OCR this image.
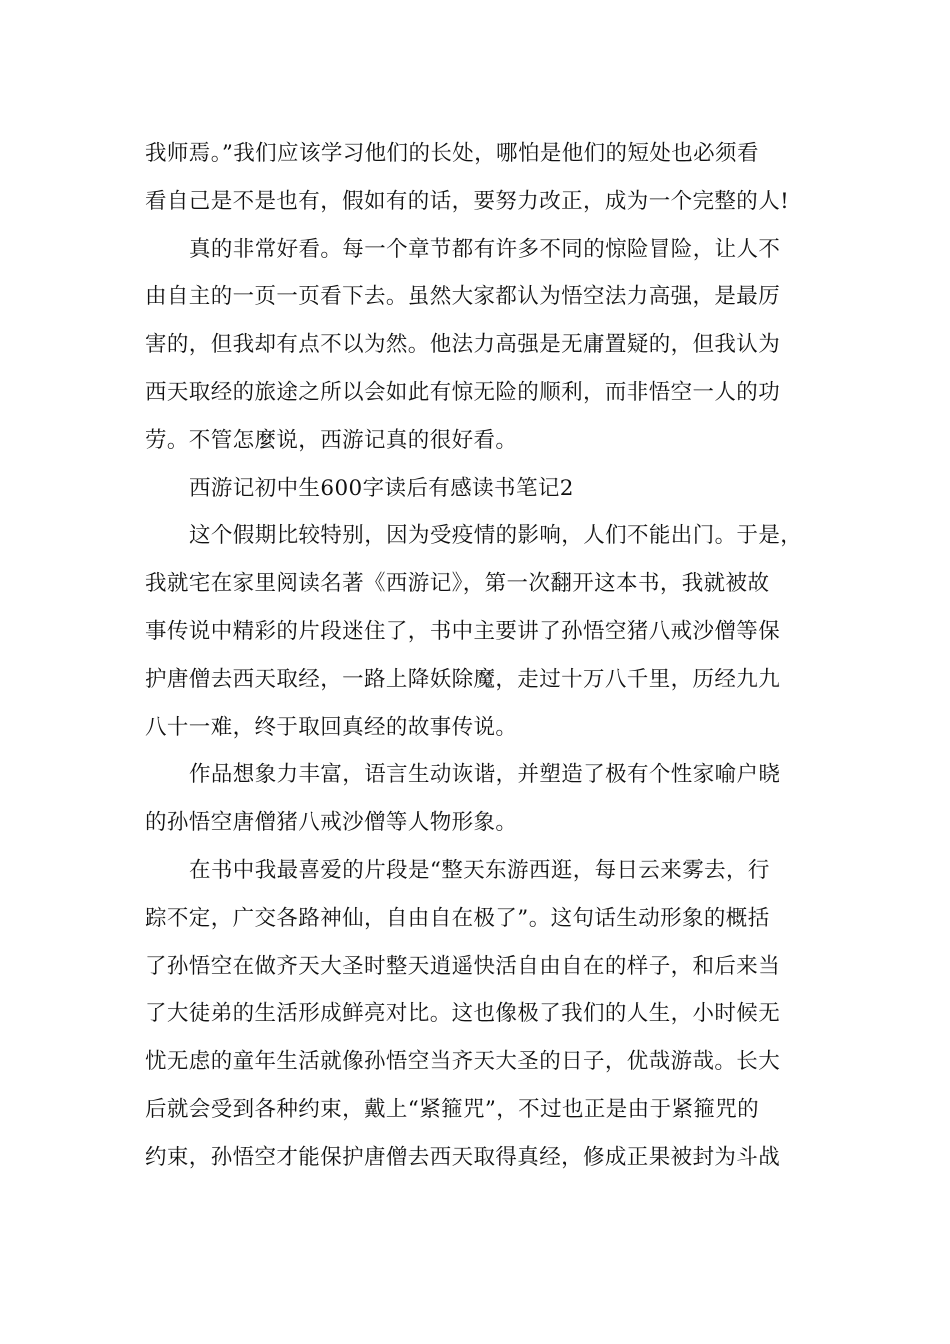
我师焉。”我们应该学习他们的长处，哪怕是他们的短处也必须看
看自己是不是也有，假如有的话，要努力改正，成为一个完整的人!
真的非常好看。每一个章节都有许多不同的惊险冒险，让人不
由自主的一页一页看下去。虽然大家都认为悟空法力高强，是最厉
害的，但我却有点不以为然。他法力高强是无庸置疑的，但我认为
西天取经的旅途之所以会如此有惊无险的顺利，而非悟空一人的功
劳。不管怎麼说，西游记真的很好看。
西游记初中生600字读后有感读书笔记2
这个假期比较特别，因为受疫情的影响，人们不能出门。于是，
我就宅在家里阅读名著《西游记》，第一次翻开这本书，我就被故
事传说中精彩的片段迷住了，书中主要讲了孙悟空猪八戒沙僧等保
护唐僧去西天取经，一路上降妖除魔，走过十万八千里，历经九九
八十一难，终于取回真经的故事传说。
作品想象力丰富，语言生动诙谐，并塑造了极有个性家喻户晓
的孙悟空唐僧猪八戒沙僧等人物形象。
在书中我最喜爱的片段是“整天东游西逛，每日云来雾去，行
踪不定，广交各路神仙，自由自在极了”。这句话生动形象的概括
了孙悟空在做齐天大圣时整天逍遥快活自由自在的样子，和后来当
了大徒弟的生活形成鲜亮对比。这也像极了我们的人生，小时候无
忧无虑的童年生活就像孙悟空当齐天大圣的日子，优哉游哉。长大
后就会受到各种约束，戴上“紧箍咒”，不过也正是由于紧箍咒的
约束，孙悟空才能保护唐僧去西天取得真经，修成正果被封为斗战
